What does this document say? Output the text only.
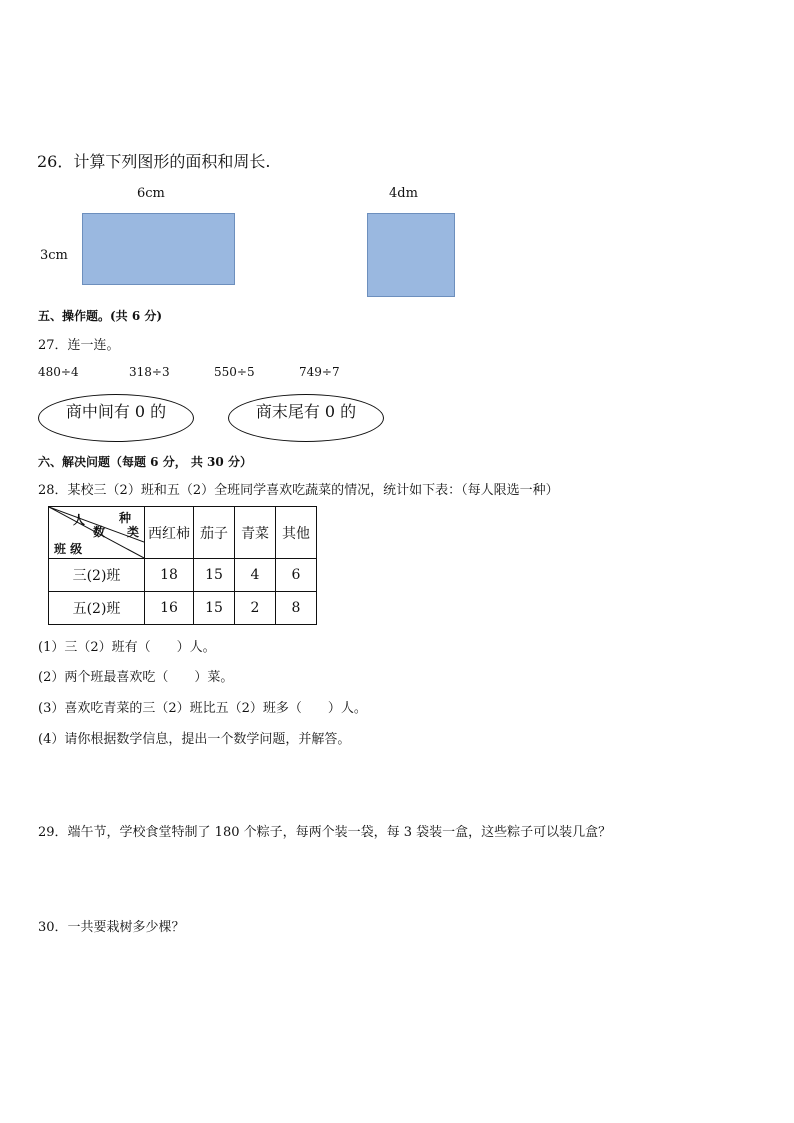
26．计算下列图形的面积和周长.
6cm
3cm
4dm
五、操作题。(共 6 分)
27．连一连。
480÷4	318÷3	550÷5	749÷7
商中间有 0 的	商末尾有 0 的
六、解决问题（每题 6 分， 共 30 分）
28．某校三（2）班和五（2）全班同学喜欢吃蔬菜的情况，统计如下表：（每人限选一种）
种
类
人
数
班 级	西红柿	茄子	青菜	其他
三(2)班	18	15	4	6
五(2)班	16	15	2	8
(1）三（2）班有（　　）人。
(2）两个班最喜欢吃（　　）菜。
(3）喜欢吃青菜的三（2）班比五（2）班多（　　）人。
(4）请你根据数学信息，提出一个数学问题，并解答。
29．端午节，学校食堂特制了 180 个粽子，每两个装一袋，每 3 袋装一盒，这些粽子可以装几盒？
30．一共要栽树多少棵？
